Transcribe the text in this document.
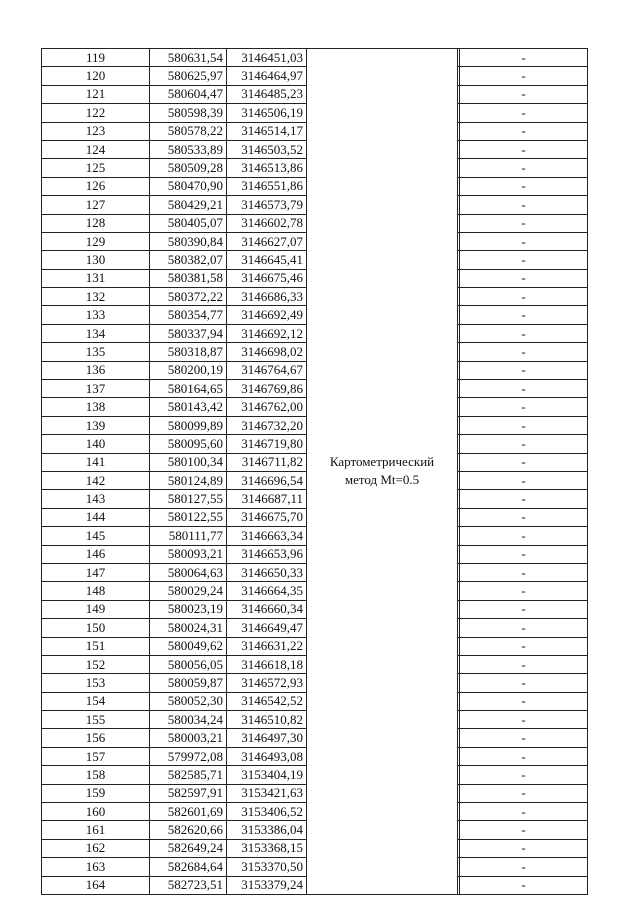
119	580631,54	3146451,03	Картометрический
метод Mt=0.5		-
120	580625,97	3146464,97			-
121	580604,47	3146485,23			-
122	580598,39	3146506,19			-
123	580578,22	3146514,17			-
124	580533,89	3146503,52			-
125	580509,28	3146513,86			-
126	580470,90	3146551,86			-
127	580429,21	3146573,79			-
128	580405,07	3146602,78			-
129	580390,84	3146627,07			-
130	580382,07	3146645,41			-
131	580381,58	3146675,46			-
132	580372,22	3146686,33			-
133	580354,77	3146692,49			-
134	580337,94	3146692,12			-
135	580318,87	3146698,02			-
136	580200,19	3146764,67			-
137	580164,65	3146769,86			-
138	580143,42	3146762,00			-
139	580099,89	3146732,20			-
140	580095,60	3146719,80			-
141	580100,34	3146711,82			-
142	580124,89	3146696,54			-
143	580127,55	3146687,11			-
144	580122,55	3146675,70			-
145	580111,77	3146663,34			-
146	580093,21	3146653,96			-
147	580064,63	3146650,33			-
148	580029,24	3146664,35			-
149	580023,19	3146660,34			-
150	580024,31	3146649,47			-
151	580049,62	3146631,22			-
152	580056,05	3146618,18			-
153	580059,87	3146572,93			-
154	580052,30	3146542,52			-
155	580034,24	3146510,82			-
156	580003,21	3146497,30			-
157	579972,08	3146493,08			-
158	582585,71	3153404,19			-
159	582597,91	3153421,63			-
160	582601,69	3153406,52			-
161	582620,66	3153386,04			-
162	582649,24	3153368,15			-
163	582684,64	3153370,50			-
164	582723,51	3153379,24			-
